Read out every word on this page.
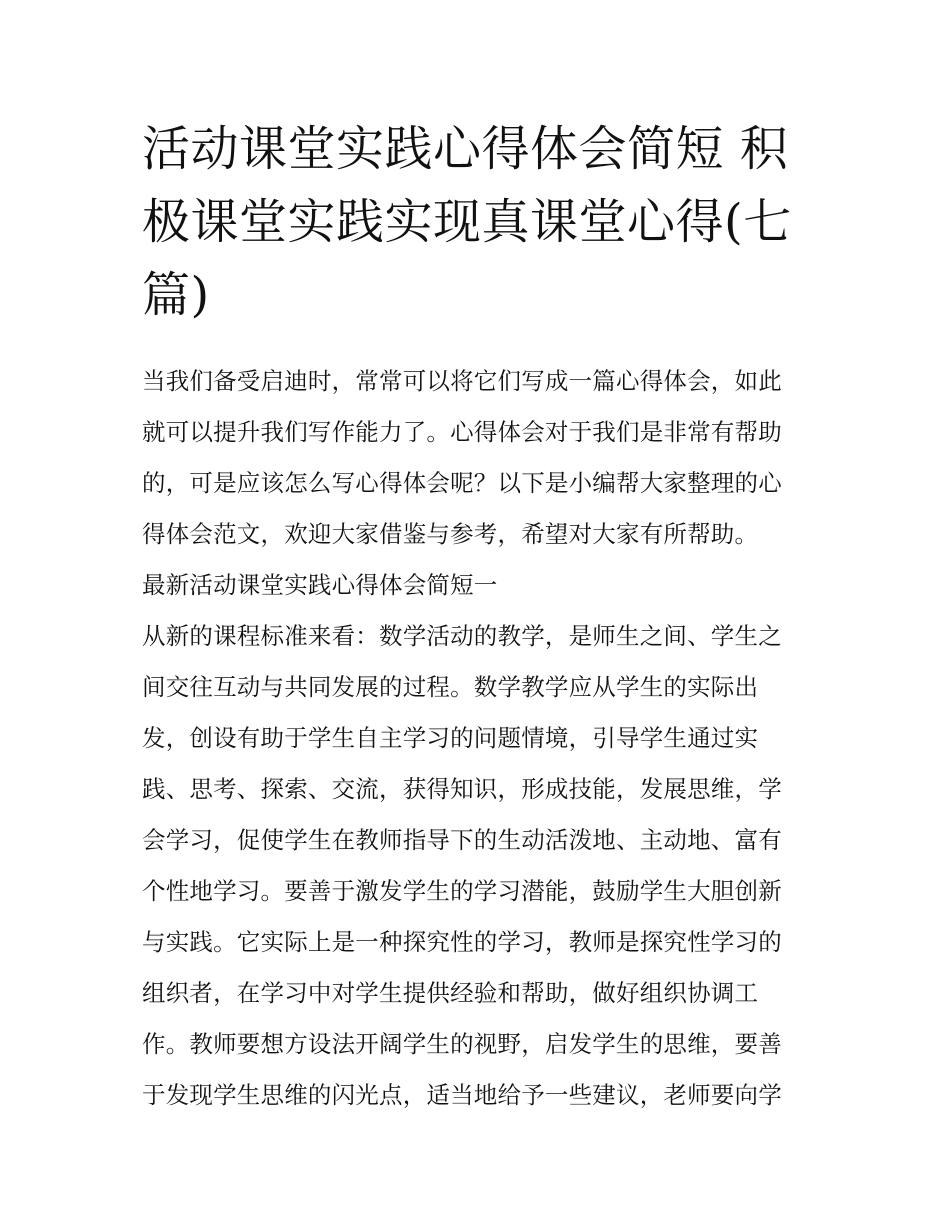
活动课堂实践心得体会简短 积
极课堂实践实现真课堂心得(七
篇)
当我们备受启迪时，常常可以将它们写成一篇心得体会，如此
就可以提升我们写作能力了。心得体会对于我们是非常有帮助
的，可是应该怎么写心得体会呢？以下是小编帮大家整理的心
得体会范文，欢迎大家借鉴与参考，希望对大家有所帮助。
最新活动课堂实践心得体会简短一
从新的课程标准来看：数学活动的教学，是师生之间、学生之
间交往互动与共同发展的过程。数学教学应从学生的实际出
发，创设有助于学生自主学习的问题情境，引导学生通过实
践、思考、探索、交流，获得知识，形成技能，发展思维，学
会学习，促使学生在教师指导下的生动活泼地、主动地、富有
个性地学习。要善于激发学生的学习潜能，鼓励学生大胆创新
与实践。它实际上是一种探究性的学习，教师是探究性学习的
组织者，在学习中对学生提供经验和帮助，做好组织协调工
作。教师要想方设法开阔学生的视野，启发学生的思维，要善
于发现学生思维的闪光点，适当地给予一些建议，老师要向学
